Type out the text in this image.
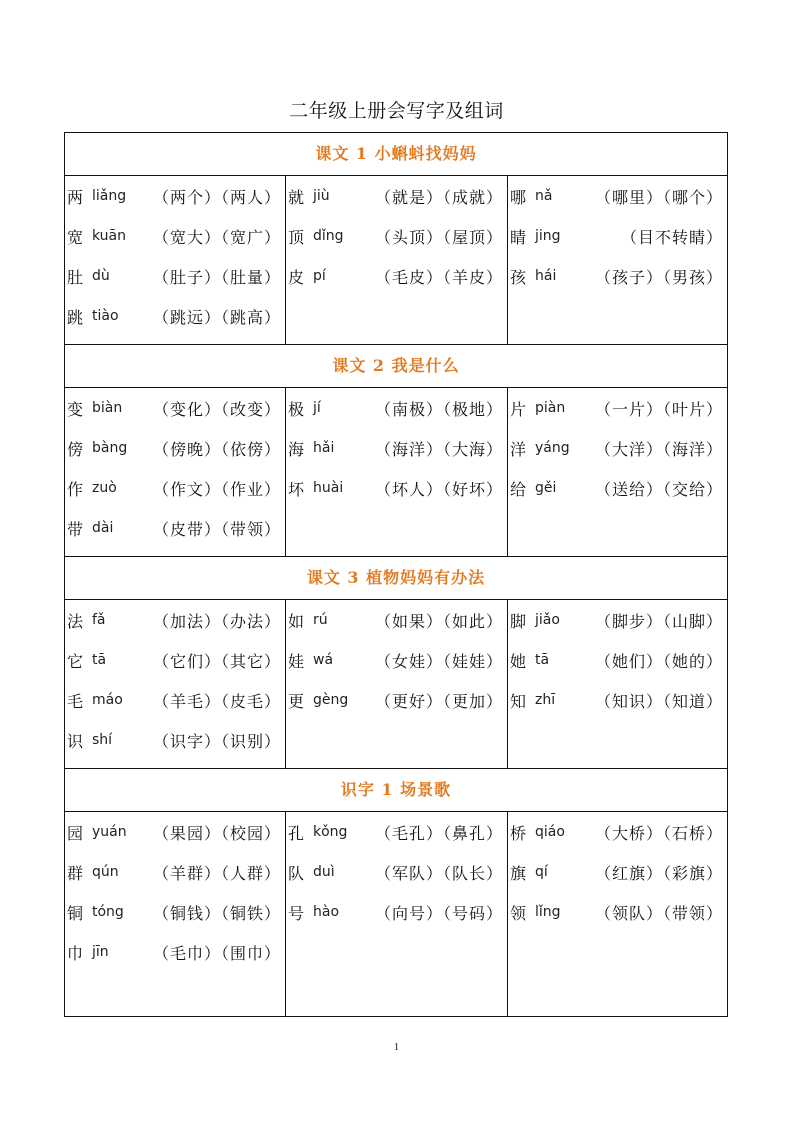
二年级上册会写字及组词
课文 1 小蝌蚪找妈妈
两 liǎng	（两个）（两人）
宽 kuān	（宽大）（宽广）
肚 dù	（肚子）（肚量）
跳 tiào	（跳远）（跳高）
就 jiù	（就是）（成就）
顶 dǐng	（头顶）（屋顶）
皮 pí	（毛皮）（羊皮）
哪 nǎ	（哪里）（哪个）
睛 jing	（目不转睛）
孩 hái	（孩子）（男孩）
课文 2 我是什么
变 biàn	（变化）（改变）
傍 bàng	（傍晚）（依傍）
作 zuò	（作文）（作业）
带 dài	（皮带）（带领）
极 jí	（南极）（极地）
海 hǎi	（海洋）（大海）
坏 huài	（坏人）（好坏）
片 piàn	（一片）（叶片）
洋 yáng	（大洋）（海洋）
给 gěi	（送给）（交给）
课文 3 植物妈妈有办法
法 fǎ	（加法）（办法）
它 tā	（它们）（其它）
毛 máo	（羊毛）（皮毛）
识 shí	（识字）（识别）
如 rú	（如果）（如此）
娃 wá	（女娃）（娃娃）
更 gèng	（更好）（更加）
脚 jiǎo	（脚步）（山脚）
她 tā	（她们）（她的）
知 zhī	（知识）（知道）
识字 1 场景歌
园 yuán	（果园）（校园）
群 qún	（羊群）（人群）
铜 tóng	（铜钱）（铜铁）
巾 jīn	（毛巾）（围巾）
孔 kǒng	（毛孔）（鼻孔）
队 duì	（军队）（队长）
号 hào	（向号）（号码）
桥 qiáo	（大桥）（石桥）
旗 qí	（红旗）（彩旗）
领 lǐng	（领队）（带领）
1
